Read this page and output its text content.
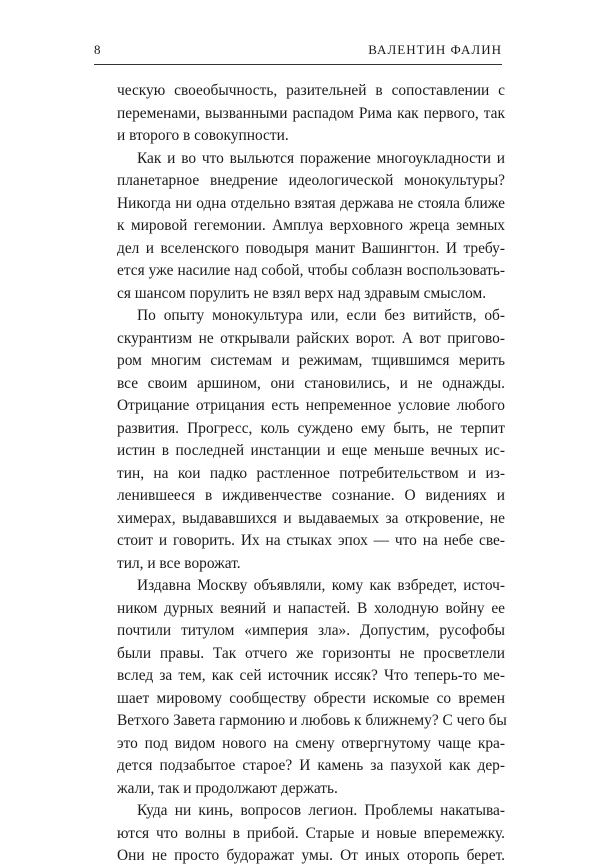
8	ВАЛЕНТИН ФАЛИН

ческую своеобычность, разительней в сопоставлении с
переменами, вызванными распадом Рима как первого, так
и второго в совокупности.

Как и во что выльются поражение многоукладности и
планетарное внедрение идеологической монокультуры?
Никогда ни одна отдельно взятая держава не стояла ближе
к мировой гегемонии. Амплуа верховного жреца земных
дел и вселенского поводыря манит Вашингтон. И требу-
ется уже насилие над собой, чтобы соблазн воспользовать-
ся шансом порулить не взял верх над здравым смыслом.

По опыту монокультура или, если без витийств, об-
скурантизм не открывали райских ворот. А вот пригово-
ром многим системам и режимам, тщившимся мерить
все своим аршином, они становились, и не однажды.
Отрицание отрицания есть непременное условие любого
развития. Прогресс, коль суждено ему быть, не терпит
истин в последней инстанции и еще меньше вечных ис-
тин, на кои падко растленное потребительством и из-
ленившееся в иждивенчестве сознание. О видениях и
химерах, выдававшихся и выдаваемых за откровение, не
стоит и говорить. Их на стыках эпох — что на небе све-
тил, и все ворожат.

Издавна Москву объявляли, кому как взбредет, источ-
ником дурных веяний и напастей. В холодную войну ее
почтили титулом «империя зла». Допустим, русофобы
были правы. Так отчего же горизонты не просветлели
вслед за тем, как сей источник иссяк? Что теперь-то ме-
шает мировому сообществу обрести искомые со времен
Ветхого Завета гармонию и любовь к ближнему? С чего бы
это под видом нового на смену отвергнутому чаще кра-
дется подзабытое старое? И камень за пазухой как дер-
жали, так и продолжают держать.

Куда ни кинь, вопросов легион. Проблемы накатыва-
ются что волны в прибой. Старые и новые вперемежку.
Они не просто будоражат умы. От иных оторопь берет.
